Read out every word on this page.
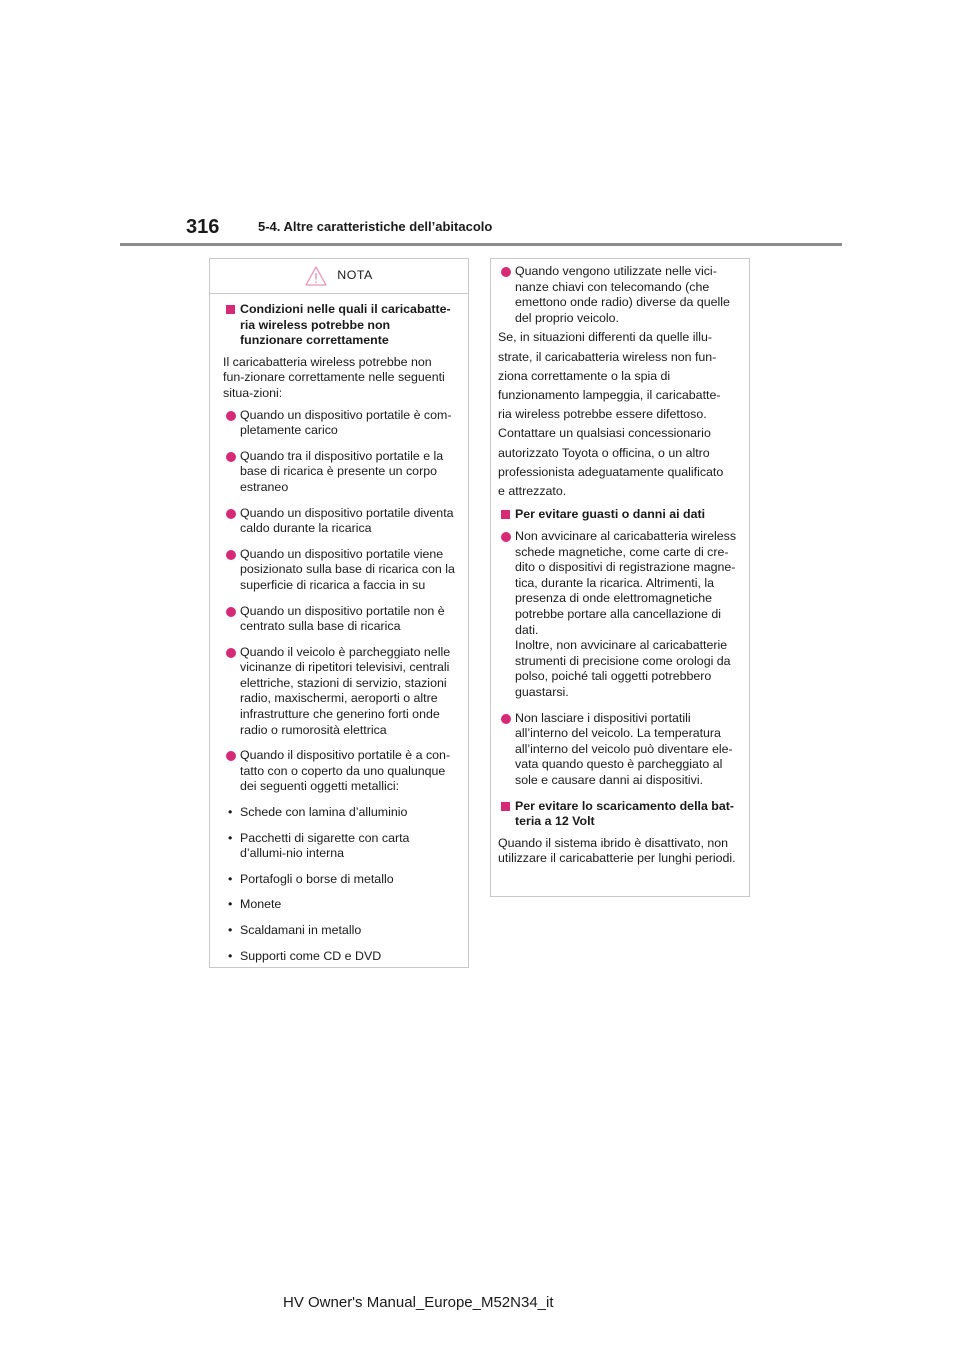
316	5-4. Altre caratteristiche dell’abitacolo
NOTA
Condizioni nelle quali il caricabatte-ria wireless potrebbe non funzionare correttamente
Il caricabatteria wireless potrebbe non fun-zionare correttamente nelle seguenti situa-zioni:
Quando un dispositivo portatile è com-pletamente carico
Quando tra il dispositivo portatile e la base di ricarica è presente un corpo estraneo
Quando un dispositivo portatile diventa caldo durante la ricarica
Quando un dispositivo portatile viene posizionato sulla base di ricarica con la superficie di ricarica a faccia in su
Quando un dispositivo portatile non è centrato sulla base di ricarica
Quando il veicolo è parcheggiato nelle vicinanze di ripetitori televisivi, centrali elettriche, stazioni di servizio, stazioni radio, maxischermi, aeroporti o altre infrastrutture che generino forti onde radio o rumorosità elettrica
Quando il dispositivo portatile è a con-tatto con o coperto da uno qualunque dei seguenti oggetti metallici:
• Schede con lamina d’alluminio
• Pacchetti di sigarette con carta d’allumi-nio interna
• Portafogli o borse di metallo
• Monete
• Scaldamani in metallo
• Supporti come CD e DVD
Quando vengono utilizzate nelle vici-nanze chiavi con telecomando (che emettono onde radio) diverse da quelle del proprio veicolo.
Se, in situazioni differenti da quelle illu-
strate, il caricabatteria wireless non fun-
ziona correttamente o la spia di
funzionamento lampeggia, il caricabatte-
ria wireless potrebbe essere difettoso.
Contattare un qualsiasi concessionario
autorizzato Toyota o officina, o un altro
professionista adeguatamente qualificato
e attrezzato.
Per evitare guasti o danni ai dati
Non avvicinare al caricabatteria wireless schede magnetiche, come carte di cre-dito o dispositivi di registrazione magne-tica, durante la ricarica. Altrimenti, la presenza di onde elettromagnetiche potrebbe portare alla cancellazione di dati.
Inoltre, non avvicinare al caricabatterie strumenti di precisione come orologi da polso, poiché tali oggetti potrebbero guastarsi.
Non lasciare i dispositivi portatili all’interno del veicolo. La temperatura all’interno del veicolo può diventare ele-vata quando questo è parcheggiato al sole e causare danni ai dispositivi.
Per evitare lo scaricamento della bat-teria a 12 Volt
Quando il sistema ibrido è disattivato, non utilizzare il caricabatterie per lunghi periodi.
HV Owner's Manual_Europe_M52N34_it
